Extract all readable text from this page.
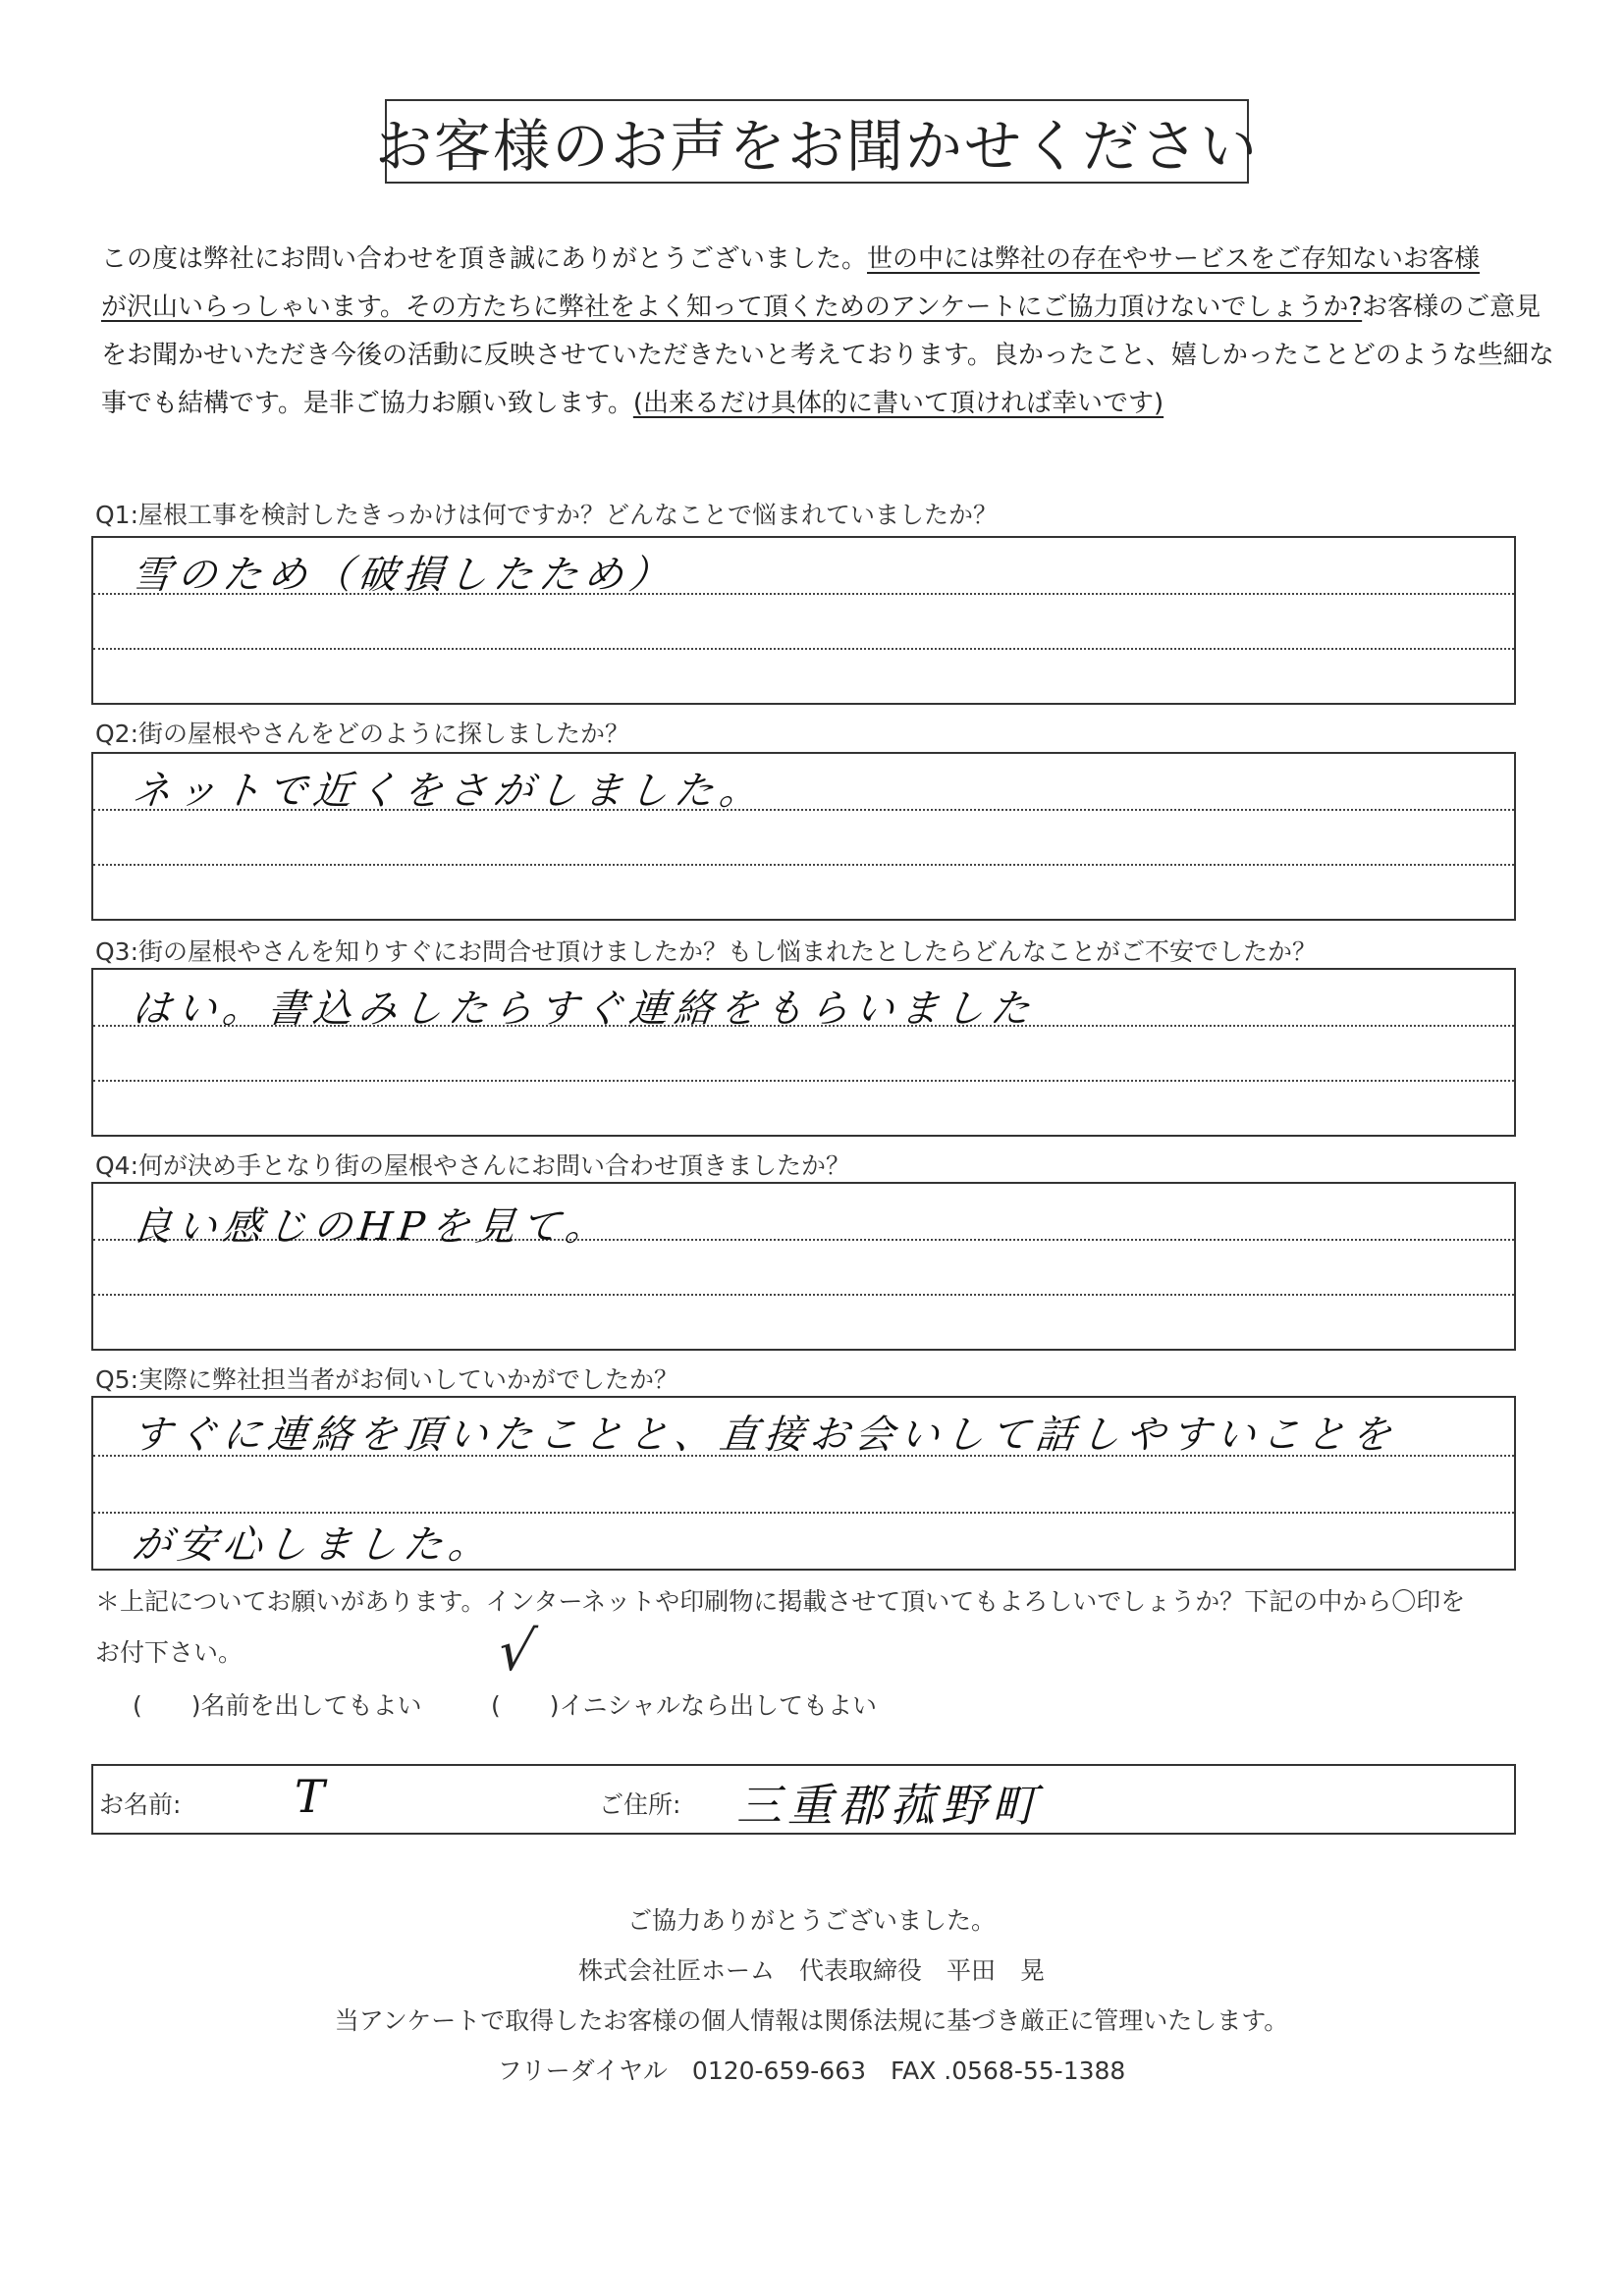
お客様のお声をお聞かせください
この度は弊社にお問い合わせを頂き誠にありがとうございました。世の中には弊社の存在やサービスをご存知ないお客様
が沢山いらっしゃいます。その方たちに弊社をよく知って頂くためのアンケートにご協力頂けないでしょうか?お客様のご意見
をお聞かせいただき今後の活動に反映させていただきたいと考えております。良かったこと、嬉しかったことどのような些細な
事でも結構です。是非ご協力お願い致します。(出来るだけ具体的に書いて頂ければ幸いです)
Q1:屋根工事を検討したきっかけは何ですか？どんなことで悩まれていましたか？
雪のため（破損したため）
Q2:街の屋根やさんをどのように探しましたか？
ネットで近くをさがしました。
Q3:街の屋根やさんを知りすぐにお問合せ頂けましたか？もし悩まれたとしたらどんなことがご不安でしたか？
はい。書込みしたらすぐ連絡をもらいました
Q4:何が決め手となり街の屋根やさんにお問い合わせ頂きましたか？
良い感じのHPを見て。
Q5:実際に弊社担当者がお伺いしていかがでしたか？
すぐに連絡を頂いたことと、直接お会いして話しやすいことを
が安心しました。
＊上記についてお願いがあります。インターネットや印刷物に掲載させて頂いてもよろしいでしょうか？下記の中から〇印を
お付下さい。
(　　)名前を出してもよい	(　　)イニシャルなら出してもよい
√
お名前:	T	ご住所: 三重郡菰野町
ご協力ありがとうございました。
株式会社匠ホーム　代表取締役　平田　晃
当アンケートで取得したお客様の個人情報は関係法規に基づき厳正に管理いたします。
フリーダイヤル　0120-659-663　FAX .0568-55-1388
